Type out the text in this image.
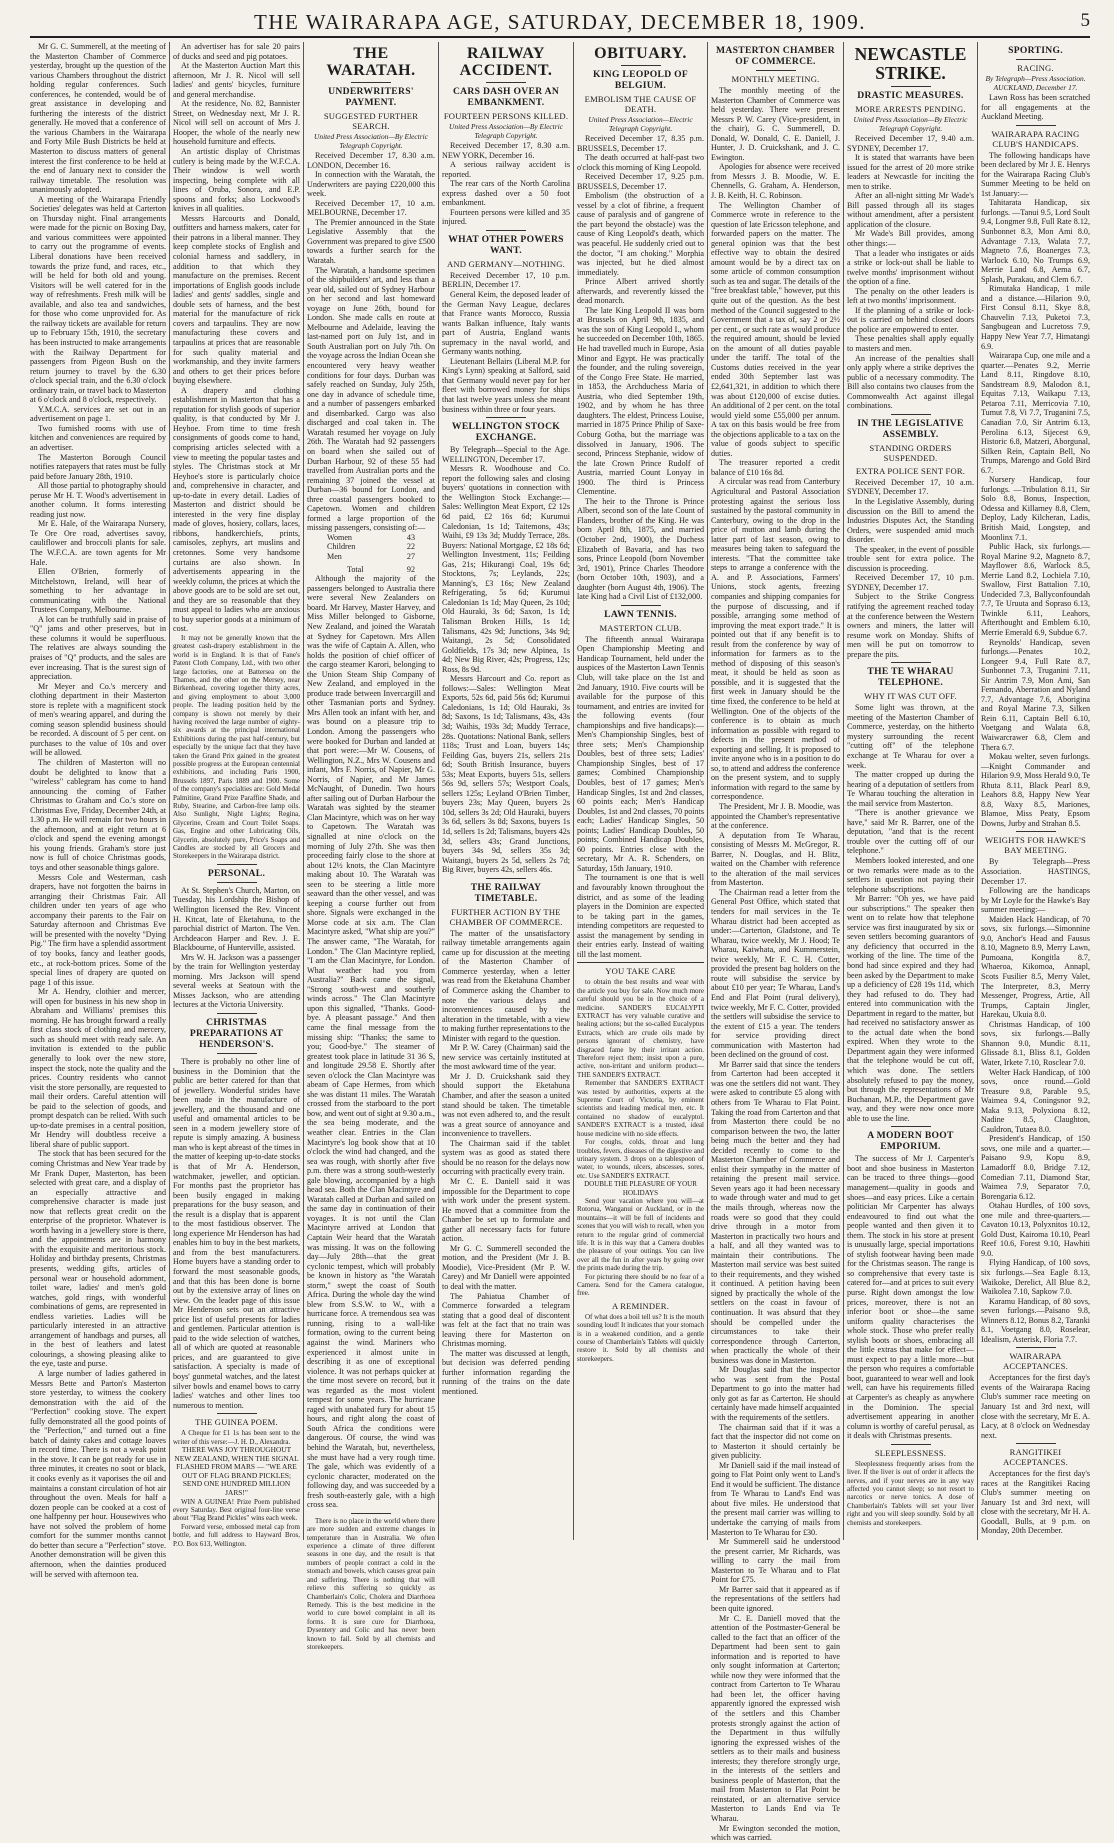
THE WAIRARAPA AGE, SATURDAY, DECEMBER 18, 1909.	5

Mr G. C. Summerell, at the meeting of the Masterton Chamber of Commerce yesterday, brought up the question of the various Chambers throughout the district holding regular conferences. Such conferences, he contended, would be of great assistance in developing and furthering the interests of the district generally. He moved that a conference of the various Chambers in the Wairarapa and Forty Mile Bush Districts be held at Masterton to discuss matters of general interest the first conference to be held at the end of January next to consider the railway timetable. The resolution was unanimously adopted.

A meeting of the Wairarapa Friendly Societies' delegates was held at Carterton on Thursday night. Final arrangements were made for the picnic on Boxing Day, and various committees were appointed to carry out the programme of events. Liberal donations have been received towards the prize fund, and races, etc., will be held for both old and young. Visitors will be well catered for in the way of refreshments. Fresh milk will be available, and also tea and sandwiches, for those who come unprovided for. As the railway tickets are available for return up to February 15th, 1910, the secretary has been instructed to make arrangements with the Railway Department for passengers from Pigeon Bush on the return journey to travel by the 6.30 o'clock special train, and the 6.30 o'clock ordinary train, or travel back to Masterton at 6 o'clock and 8 o'clock, respectively.

Y.M.C.A. services are set out in an advertisement on page 1.

Two furnished rooms with use of kitchen and conveniences are required by an advertiser.

The Masterton Borough Council notifies ratepayers that rates must be fully paid before January 28th, 1910.

All those partial to photography should peruse Mr H. T. Wood's advertisement in another column. It forms interesting reading just now.

Mr E. Hale, of the Wairarapa Nursery, Te Ore Ore road, advertises savoy, cauliflower and broccoli plants for sale. The W.F.C.A. are town agents for Mr Hale.

Ellen O'Brien, formerly of Mitchelstown, Ireland, will hear of something to her advantage in communicating with the National Trustees Company, Melbourne.

A lot can be truthfully said in praise of "Q" jams and other preserves, but in these columns it would be superfluous. The relatives are always sounding the praises of "Q" products, and the sales are ever increasing. That is the surest sign of appreciation.

Mr Meyer and Co.'s mercery and clothing department in their Masterton store is replete with a magnificent stock of men's wearing apparel, and during the coming season splendid business should be recorded. A discount of 5 per cent. on purchases to the value of 10s and over will be allowed.

The children of Masterton will no doubt be delighted to know that a "wireless" cablegram has come to hand announcing the coming of Father Christmas to Graham and Co.'s store on Christmas Eve, Friday, December 24th, at 1.30 p.m. He will remain for two hours in the afternoon, and at eight return at 6 o'clock and spend the evening amongst his young friends. Graham's store just now is full of choice Christmas goods, toys and other seasonable things galore.

Messrs Cole and Westerman, cash drapers, have not forgotten the bairns in arranging their Christmas Fair. All children under ten years of age who accompany their parents to the Fair on Saturday afternoon and Christmas Eve will be presented with the novelty "Dying Pig." The firm have a splendid assortment of toy books, fancy and leather goods, etc., at rock-bottom prices. Some of the special lines of drapery are quoted on page 1 of this issue.

Mr A. Hendry, clothier and mercer, will open for business in his new shop in Abraham and Williams' premises this morning. He has brought forward a really first class stock of clothing and mercery, such as should meet with ready sale. An invitation is extended to the public generally to look over the new store, inspect the stock, note the quality and the prices. Country residents who cannot visit the store personally, are requested to mail their orders. Careful attention will be paid to the selection of goods, and prompt despatch can be relied. With such up-to-date premises in a central position, Mr Hendry will doubtless receive a liberal share of public support.

The stock that has been secured for the coming Christmas and New Year trade by Mr Frank Duper, Masterton, has been selected with great care, and a display of an especially attractive and comprehensive character is made just now that reflects great credit on the enterprise of the proprietor. Whatever is worth having in a jewellery store is there, and the appointments are in harmony with the exquisite and meritorious stock. Holiday and birthday presents, Christmas presents, wedding gifts, articles of personal wear or household adornment, toilet ware, ladies' and men's gold watches, gold rings, with wonderful combinations of gems, are represented in endless varieties. Ladies will be particularly interested in an attractive arrangement of handbags and purses, all in the best of leathers and latest colourings, a showing pleasing alike to the eye, taste and purse.

A large number of ladies gathered in Messrs Bette and Parton's Masterton store yesterday, to witness the cookery demonstration with the aid of the "Perfection" cooking stove. The expert fully demonstrated all the good points of the "Perfection," and turned out a fine batch of dainty cakes and cottage loaves in record time. There is not a weak point in the stove. It can be got ready for use in three minutes, it creates no soot or black, it cooks evenly as it vaporises the oil and maintains a constant circulation of hot air throughout the oven. Meals for half a dozen people can be cooked at a cost of one halfpenny per hour. Housewives who have not solved the problem of home comfort for the summer months cannot do better than secure a "Perfection" stove. Another demonstration will be given this afternoon, when the dainties produced will be served with afternoon tea.

An advertiser has for sale 20 pairs of ducks and seed and pig potatoes.

At the Masterton Auction Mart this afternoon, Mr J. R. Nicol will sell ladies' and gents' bicycles, furniture and general merchandise.

At the residence, No. 82, Bannister Street, on Wednesday next, Mr J. R. Nicol will sell on account of Mrs J. Hooper, the whole of the nearly new household furniture and effects.

An artistic display of Christmas cutlery is being made by the W.F.C.A. Their window is well worth inspecting, being complete with all lines of Oruba, Sonora, and E.P. spoons and forks; also Lockwood's knives in all qualities.

Messrs Harcourts and Donald, outfitters and harness makers, cater for their patrons in a liberal manner. They keep complete stocks of English and colonial harness and saddlery, in addition to that which they manufacture on the premises. Recent importations of English goods include ladies' and gents' saddles, single and double sets of harness, and the best material for the manufacture of rick covers and tarpaulins. They are now manufacturing these covers and tarpaulins at prices that are reasonable for such quality material and workmanship, and they invite farmers and others to get their prices before buying elsewhere.

A drapery and clothing establishment in Masterton that has a reputation for stylish goods of superior quality, is that conducted by Mr J. Heyhoe. From time to time fresh consignments of goods come to hand, comprising articles selected with a view to meeting the popular tastes and styles. The Christmas stock at Mr Heyhoe's store is particularly choice and, comprehensive in character, and up-to-date in every detail. Ladies of Masterton and district should be interested in the very fine display made of gloves, hosiery, collars, laces, ribbons, handkerchiefs, prints, camisoles, zephyrs, art muslins and cretonnes. Some very handsome curtains are also shown. In advertisements appearing in the weekly column, the prices at which the above goods are to be sold are set out, and they are so reasonable that they must appeal to ladies who are anxious to buy superior goods at a minimum of cost.

It may not be generally known that the greatest cash-drapery establishment in the world is in England. It is that of Fane's Patent Cloth Company, Ltd., with two other large factories, one at Battersea on the Thames, and the other on the Mersey, near Birkenhead, covering together thirty acres, and giving employment to about 3,000 people. The leading position held by the company is shown not merely by their having received the large number of eighty-six awards at the principal international Exhibitions during the past half-century, but especially by the unique fact that they have taken the Grand Prix gained in the greatest possible progress at the European centennial exhibitions, and including Paris 1900, Brussels 1897, Paris 1889 and 1900. Some of the company's specialties are: Gold Medal Palmitine, Grand Prize Paraffine Shade, and Ruby, Stearine, and Carbon-free lamp oils. Also Sunlight, Night Lights; Regina, Glycerine, Cream and Court Toilet Soaps. Gas, Engine and other Lubricating Oils, Glycerin, absolutely pure, Price's Soaps and Candles are stocked by all Grocers and Storekeepers in the Wairarapa district.

PERSONAL.

At St. Stephen's Church, Marton, on Tuesday, his Lordship the Bishop of Wellington licensed the Rev. Vincent H. Kitcat, late of Eketahuna, to the parochial district of Marton. The Ven. Archdeacon Harper and Rev. J. E. Blackbourne, of Hunterville, assisted.

Mrs W. H. Jackson was a passenger by the train for Wellington yesterday morning. Mrs Jackson will spend several weeks at Seatoun with the Misses Jackson, who are attending lectures at the Victoria University.

CHRISTMAS PREPARATIONS AT HENDERSON'S.

There is probably no other line of business in the Dominion that the public are better catered for than that of jewellery. Wonderful strides have been made in the manufacture of jewellery, and the thousand and one useful and ornamental articles to be seen in a modern jewellery store of repute is simply amazing. A business man who is kept abreast of the times in the matter of keeping up-to-date stocks is that of Mr A. Henderson, watchmaker, jeweller, and optician. For months past the proprietor has been busily engaged in making preparations for the busy season, and the result is a display that is apparent to the most fastidious observer. The long experience Mr Henderson has had enables him to buy in the best markets, and from the best manufacturers. Home buyers have a standing order to forward the most seasonable goods, and that this has been done is borne out by the extensive array of lines on view. On the leader page of this issue Mr Henderson sets out an attractive price list of useful presents for ladies and gentlemen. Particular attention is paid to the wide selection of watches, all of which are quoted at reasonable prices, and are guaranteed to give satisfaction. A specialty is made of boys' gunmetal watches, and the latest silver bowls and enamel bows to carry ladies' watches and other lines too numerous to mention.

THE GUINEA POEM.

A Cheque for £1 1s has been sent to the writer of this verse:—J. H. D., Alexandra.

THERE WAS JOY THROUGHOUT NEW ZEALAND, WHEN THE SIGNAL FLASHED FROM MARS — "WE ARE OUT OF FLAG BRAND PICKLES; SEND ONE HUNDRED MILLION JARS!"

WIN A GUINEA! Prize Poem published every Saturday. Best original four-line verse about "Flag Brand Pickles" wins each week.

Forward verse, embossed metal cap from bottle, and full address to Hayward Bros, P.O. Box 613, Wellington.

THE WARATAH.
UNDERWRITERS' PAYMENT.
SUGGESTED FURTHER SEARCH.
United Press Association—By Electric Telegraph Copyright.

Received December 17, 8.30 a.m. LONDON, December 16.

In connection with the Waratah, the Underwriters are paying £220,000 this week.

Received December 17, 10 a.m. MELBOURNE, December 17.

The Premier announced in the State Legislative Assembly that the Government was prepared to give £500 towards a further search for the Waratah.

The Waratah, a handsome specimen of the shipbuilders' art, and less than a year old, sailed out of Sydney Harbour on her second and last homeward voyage on June 26th, bound for London. She made calls en route at Melbourne and Adelaide, leaving the last-named port on July 1st, and in South Australian port on July 7th. On the voyage across the Indian Ocean she encountered very heavy weather conditions for four days. Durban was safely reached on Sunday, July 25th, one day in advance of schedule time, and a number of passengers embarked and disembarked. Cargo was also discharged and coal taken in. The Waratah resumed her voyage on July 26th. The Waratah had 92 passengers on board when she sailed out of Durban Harbour, 92 of these 55 had travelled from Australian ports and the remaining 37 joined the vessel at Durban—36 bound for London, and three coastal passengers booked to Capetown. Women and children formed a large proportion of the missing passengers, consisting of:—

Women	43
Children	22
Men	27
Total	92

Although the majority of the passengers belonged to Australia there were several New Zealanders on board. Mr Harvey, Master Harvey, and Miss Miller belonged to Gisborne, New Zealand, and joined the Waratah at Sydney for Capetown. Mrs Allen was the wife of Captain A. Allen, who holds the position of chief officer of the cargo steamer Karori, belonging to the Union Steam Ship Company of New Zealand, and employed in the produce trade between Invercargill and other Tasmanian ports and Sydney. Mrs Allen took an infant with her, and was bound on a pleasure trip to London. Among the passengers who were booked for Durban and landed at that port were:—Mr W. Cousens, of Wellington, N.Z., Mrs W. Cousens and infant, Mrs F. Norris, of Napier, Mr G. Norris, of Napier, and Mr James McNaught, of Dunedin. Two hours after sailing out of Durban Harbour the Waratah was sighted by the steamer Clan Macintyre, which was on her way to Capetown. The Waratah was signalled at nine o'clock on the morning of July 27th. She was then proceeding fairly close to the shore at about 12½ knots, the Clan Macintyre making about 10. The Waratah was seen to be steering a little more seaward than the other vessel, and was keeping a course further out from shore. Signals were exchanged in the Morse code at six a.m. The Clan Macintyre asked, "What ship are you?" The answer came, "The Waratah, for London." The Clan Macintyre replied, "I am the Clan Macintyre, for London. What weather had you from Australia?" Back came the signal, "Strong south-west and southerly winds across." The Clan Macintyre upon this signalled, "Thanks. Good-bye. A pleasant passage." And then came the final message from the missing ship: "Thanks; the same to you; Good-bye." The steamer of greatest took place in latitude 31 36 S, and longitude 29.58 E. Shortly after seven o'clock the Clan Macintyre was abeam of Cape Hermes, from which she was distant 11 miles. The Waratah crossed from the starboard to the port bow, and went out of sight at 9.30 a.m., the sea being moderate, and the weather clear. Entries in the Clan Macintyre's log book show that at 10 o'clock the wind had changed, and the sea was rough, with shortly after five p.m. there was a strong south-westerly gale blowing, accompanied by a high head sea. Both the Clan Macintyre and Waratah called at Durban and sailed on the same day in continuation of their voyages. It is not until the Clan Macintyre arrived at London that Captain Weir heard that the Waratah was missing. It was on the following day—July 28th—that the great cyclonic tempest, which will probably be known in history as "the Waratah storm," swept the coast of South Africa. During the whole day the wind blew from S.S.W. to W., with a hurricane force. A tremendous sea was running, rising to a wall-like formation, owing to the current being against the wind. Mariners who experienced it almost unite in describing it as one of exceptional violence. It was not perhaps quicker at the time most severe on record, but it was regarded as the most violent tempest for some years. The hurricane raged with unabated fury for about 15 hours, and right along the coast of South Africa the conditions were dangerous. Of course, the wind was behind the Waratah, but, nevertheless, she must have had a very rough time. The gale, which was evidently of a cyclonic character, moderated on the following day, and was succeeded by a fresh south-easterly gale, with a high cross sea.

There is no place in the world where there are more sudden and extreme changes in temperature than in Australia. We often experience a climate of three different seasons in one day, and the result is that numbers of people contract a cold in the stomach and bowels, which causes great pain and suffering. There is nothing that will relieve this suffering so quickly as Chamberlain's Colic, Cholera and Diarrhoea Remedy. This is the best medicine in the world to cure bowel complaint in all its forms. It is sure cure for Diarrhoea, Dysentery and Colic and has never been known to fail. Sold by all chemists and storekeepers.

RAILWAY ACCIDENT.
CARS DASH OVER AN EMBANKMENT.
FOURTEEN PERSONS KILLED.
United Press Association—By Electric Telegraph Copyright.

Received December 17, 8.30 a.m. NEW YORK, December 16.

A serious railway accident is reported.

The rear cars of the North Carolina express dashed over a 50 foot embankment.

Fourteen persons were killed and 35 injured.

WHAT OTHER POWERS WANT.
AND GERMANY—NOTHING.

Received December 17, 10 p.m. BERLIN, December 17.

General Keim, the deposed leader of the German Navy League, declares that France wants Morocco, Russia wants Balkan influence, Italy wants part of Austria, England wants supremacy in the naval world, and Germany wants nothing.

Lieutenant Bellairs (Liberal M.P. for King's Lynn) speaking at Salford, said that Germany would never pay for her fleet with borrowed money for ships that last twelve years unless she meant business within three or four years.

WELLINGTON STOCK EXCHANGE.

By Telegraph—Special to the Age. WELLINGTON, December 17.

Messrs R. Woodhouse and Co. report the following sales and closing buyers' quotations in connection with the Wellington Stock Exchange:—Sales: Wellington Meat Export, £2 12s 6d paid, £2 16s 6d; Kurumui Caledonian, 1s 1d; Taitemons, 43s; Waihi, £9 13s 3d; Muddy Terrace, 28s. Buyers: National Mortgage, £2 18s 6d; Wellington Investment, 11s; Feilding Gas, 21s; Hikurangi Coal, 19s 6d; Stocktons, 7s; Leylands, 22s; Manning's, £3 16s; New Zealand Refrigerating, 5s 6d; Kurumui Caledonian 1s 1d; May Queen, 2s 10d; Old Hauraki, 3s 6d; Saxon, 1s 1d; Talisman Broken Hills, 1s 1d; Talismans, 42s 9d; Junctions, 34s 9d; Waitangi, 2s 5d; Consolidated Goldfields, 17s 3d; new Alpinea, 1s 4d; New Big River, 42s; Progress, 12s; Ross, 8s 9d.

Messrs Harcourt and Co. report as follows:—Sales: Wellington Meat Exports, 52s 6d, paid 56s 6d; Kurumui Caledonians, 1s 1d; Old Hauraki, 3s 8d; Saxons, 1s 1d; Talismans, 43s, 43s 3d; Waihis, 193s 3d; Muddy Terrace, 28s. Quotations: National Bank, sellers 118s; Trust and Loan, buyers 14s; Feilding Gas, buyers 21s, sellers 21s 6d; South British Insurance, buyers 53s; Meat Exports, buyers 51s, sellers 56s 9d, sellers 57s; Westport Coals, sellers 125s; Leyland O'Brien Timber, buyers 23s; May Queen, buyers 2s 10d, sellers 3s 2d; Old Hauraki, buyers 3s 6d, sellers 3s 8d; Saxons, buyers 1s 1d, sellers 1s 2d; Talismans, buyers 42s 3d, sellers 43s; Grand Junctions, buyers 34s 9d, sellers 35s 3d; Waitangi, buyers 2s 5d, sellers 2s 7d; Big River, buyers 42s, sellers 46s.

THE RAILWAY TIMETABLE.
FURTHER ACTION BY THE CHAMBER OF COMMERCE.

The matter of the unsatisfactory railway timetable arrangements again came up for discussion at the meeting of the Masterton Chamber of Commerce yesterday, when a letter was read from the Eketahuna Chamber of Commerce asking the Chamber to note the various delays and inconveniences caused by the alteration in the timetable, with a view to making further representations to the Minister with regard to the question.

Mr P. W. Carey (Chairman) said the new service was certainly instituted at the most awkward time of the year.

Mr J. D. Cruickshank said they should support the Eketahuna Chamber, and after the season a united stand should be taken. The timetable was not even adhered to, and the result was a great source of annoyance and inconvenience to travellers.

The Chairman said if the tablet system was as good as stated there should be no reason for the delays now occurring with practically every train.

Mr C. E. Daniell said it was impossible for the Department to cope with work under the present system. He moved that a committee from the Chamber be set up to formulate and gather all necessary facts for future action.

Mr G. C. Summerell seconded the motion, and the President (Mr J. B. Moodie), Vice-President (Mr P. W. Carey) and Mr Daniell were appointed to deal with the matter.

The Pahiatua Chamber of Commerce forwarded a telegram stating that a good deal of discontent was felt at the fact that no train was leaving there for Masterton on Christmas morning.

The matter was discussed at length, but decision was deferred pending further information regarding the running of the trains on the date mentioned.

OBITUARY.
KING LEOPOLD OF BELGIUM.
EMBOLISM THE CAUSE OF DEATH.
United Press Association—Electric Telegraph Copyright.

Received December 17, 8.35 p.m. BRUSSELS, December 17.

The death occurred at half-past two o'clock this morning of King Leopold.

Received December 17, 9.25 p.m. BRUSSELS, December 17.

Embolism (the obstruction of a vessel by a clot of fibrine, a frequent cause of paralysis and of gangrene of the part beyond the obstacle) was the cause of King Leopold's death, which was peaceful. He suddenly cried out to the doctor, "I am choking." Morphia was injected, but he died almost immediately.

Prince Albert arrived shortly afterwards, and reverently kissed the dead monarch.

The late King Leopold II was born at Brussels on April 9th, 1835, and was the son of King Leopold I., whom he succeeded on December 10th, 1865. He had travelled much in Europe, Asia Minor and Egypt. He was practically the founder, and the ruling sovereign, of the Congo Free State. He married, in 1853, the Archduchess Maria of Austria, who died September 19th, 1902, and by whom he has three daughters. The eldest, Princess Louise, married in 1875 Prince Philip of Saxe-Coburg Gotha, but the marriage was dissolved in January, 1906. The second, Princess Stephanie, widow of the late Crown Prince Rudolf of Austria, married Count Lonyay in 1900. The third is Princess Clementine.

The heir to the Throne is Prince Albert, second son of the late Count of Flanders, brother of the King. He was born April 8th, 1875, and married (October 2nd, 1900), the Duchess Elizabeth of Bavaria, and has two sons, Prince Leopold (born November 3rd, 1901), Prince Charles Theodore (born October 10th, 1903), and a daughter (born August 4th, 1906). The late King had a Civil List of £132,000.

LAWN TENNIS.
MASTERTON CLUB.

The fifteenth annual Wairarapa Open Championship Meeting and Handicap Tournament, held under the auspices of the Masterton Lawn Tennis Club, will take place on the 1st and 2nd January, 1910. Five courts will be available for the purpose of this tournament, and entries are invited for the following events (four championships and five handicaps):—Men's Championship Singles, best of three sets; Men's Championship Doubles, best of three sets; Ladies' Championship Singles, best of 17 games; Combined Championship Doubles, best of 17 games; Men's Handicap Singles, 1st and 2nd classes, 60 points each; Men's Handicap Doubles, 1st and 2nd classes, 70 points each; Ladies' Handicap Singles, 50 points; Ladies' Handicap Doubles, 50 points; Combined Handicap Doubles, 60 points. Entries close with the secretary, Mr A. R. Schenders, on Saturday, 15th January, 1910.

The tournament is one that is well and favourably known throughout the district, and as some of the leading players in the Dominion are expected to be taking part in the games, intending competitors are requested to assist the management by sending in their entries early. Instead of waiting till the last moment.

YOU TAKE CARE

to obtain the best results and wear with the article you buy for sale. Now much more careful should you be in the choice of a medicine. SANDER'S EUCALYPTI EXTRACT has very valuable curative and healing actions; but the so-called Eucalyptus Extracts, which are crude oils made by persons ignorant of chemistry, have disgraced fame by their irritant action. Therefore reject them; insist upon a pure, active, non-irritant and uniform product—THE SANDER'S EXTRACT.

Remember that SANDER'S EXTRACT was tested by authorities, experts at the Supreme Court of Victoria, by eminent scientists and leading medical men, etc. It contained no shadow of eucalyptol. SANDER'S EXTRACT is a trusted, ideal house medicine with no side effects.

For coughs, colds, throat and lung troubles, fevers, diseases of the digestive and urinary system. 3 drops on a tablespoon of water, to wounds, ulcers, abscesses, sores, etc. Use SANDER'S EXTRACT.

DOUBLE THE PLEASURE OF YOUR HOLIDAYS

Send your vacation where you will—at Rotorua, Wanganui or Auckland, or in the mountains—it will be full of incidents and scenes that you will wish to recall, when you return to the regular grind of commercial life. It is in this way that a Camera doubles the pleasure of your outings. You can live over all the fun in after years by going over the prints made during the trip.

For picturing there should be no fear of a Camera. Send for the Camera catalogue, free.

A REMINDER.

Of what does a boil tell us? It is the mouth sounding loud! It indicates that your stomach is in a weakened condition, and a gentle course of Chamberlain's Tablets will quickly restore it. Sold by all chemists and storekeepers.

MASTERTON CHAMBER OF COMMERCE.
MONTHLY MEETING.

The monthly meeting of the Masterton Chamber of Commerce was held yesterday. There were present Messrs P. W. Carey (Vice-president, in the chair), G. C. Summerell, D. Donald, W. Donald, C. E. Daniell, J. Hunter, J. D. Cruickshank, and J. C. Ewington.

Apologies for absence were received from Messrs J. B. Moodie, W. E. Chennells, G. Graham, A. Henderson, J. B. Keith, H. C. Robinson.

The Wellington Chamber of Commerce wrote in reference to the question of late Ericsson telephone, and forwarded papers on the matter. The general opinion was that the best effective way to obtain the desired amount would be by a direct tax on some article of common consumption such as tea and sugar. The details of the "free breakfast table," however, put this quite out of the question. As the best method of the Council suggested to the Government that a tax of, say 2 or 2½ per cent., or such rate as would produce the required amount, should be levied on the amount of all duties payable under the tariff. The total of the Customs duties received in the year ended 30th September last was £2,641,321, in addition to which there was about £120,000 of excise duties. An additional of 2 per cent. on the total would yield some £55,000 per annum. A tax on this basis would be free from the objections applicable to a tax on the value of goods subject to specific duties.

The treasurer reported a credit balance of £10 16s 8d.

A circular was read from Canterbury Agricultural and Pastoral Association protesting against the serious loss sustained by the pastoral community in Canterbury, owing to the drop in the price of mutton and lamb during the latter part of last season, owing to measures being taken to safeguard the interests. "That the committee take steps to arrange a conference with the A. and P. Associations, Farmers' Unions, stock agents, freezing companies and shipping companies for the purpose of discussing, and if possible, arranging some method of improving the meat export trade." It is pointed out that if any benefit is to result from the conference by way of information for farmers as to the method of disposing of this season's meat, it should be held as soon as possible, and it is suggested that the first week in January should be the time fixed, the conference to be held at Wellington. One of the objects of the conference is to obtain as much information as possible with regard to defects in the present method of exporting and selling. It is proposed to invite anyone who is in a position to do so, to attend and address the conference on the present system, and to supply information with regard to the same by correspondence.

The President, Mr J. B. Moodie, was appointed the Chamber's representative at the conference.

A deputation from Te Wharau, consisting of Messrs M. McGregor, R. Barrer, N. Douglas, and H. Blitz, waited on the Chamber with reference to the alteration of the mail services from Masterton.

The Chairman read a letter from the General Post Office, which stated that tenders for mail services in the Te Wharau district had been accepted as under:—Carterton, Gladstone, and Te Wharau, twice weekly, Mr J. Hood; Te Wharau, Kaiwhata, and Kummerstein, twice weekly, Mr F. C. H. Cotter, provided the present bag holders on the route will subsidise the service by about £10 per year; Te Wharau, Land's End and Flat Point (rural delivery), twice weekly, Mr F. C. Cotter, provided the settlers will subsidise the service to the extent of £15 a year. The tenders for service providing direct communication with Masterton had been declined on the ground of cost.

Mr Barrer said that since the tenders from Carterton had been accepted it was one the settlers did not want. They were asked to contribute £5 along with others from Te Wharau to Flat Point. Taking the road from Carterton and that from Masterton there could be no comparison between the two, the latter being much the better and they had decided recently to come to the Masterton Chamber of Commerce and enlist their sympathy in the matter of retaining the present mail service. Seven years ago it had been necessary to wade through water and mud to get the mails through, whereas now the roads were so good that they could drive through in a motor from Masterton in practically two hours and a half, and all they wanted was to maintain their contributions. The Masterton mail service was best suited to their requirements, and they wished it continued. A petition having been signed by practically the whole of the settlers on the coast in favour of continuation. It was absurd that they should be compelled under the circumstances to take their correspondence through Carterton, when practically the whole of their business was done in Masterton.

Mr Douglas said that the inspector who was sent from the Postal Department to go into the matter had only got as far as Carterton. He should certainly have made himself acquainted with the requirements of the settlers.

The chairman said that if it was a fact that the inspector did not come on to Masterton it should certainly be given publicity.

Mr Daniell said if the mail instead of going to Flat Point only went to Land's End it would be sufficient. The distance from Te Wharau to Land's End was about five miles. He understood that the present mail carrier was willing to undertake the carrying of mails from Masterton to Te Wharau for £30.

Mr Summerell said he understood the present carrier, Mr Richards, was willing to carry the mail from Masterton to Te Wharau and to Flat Point for £75.

Mr Barrer said that it appeared as if the representations of the settlers had been quite ignored.

Mr C. E. Daniell moved that the attention of the Postmaster-General be called to the fact that an officer of the Department had been sent to gain information and is reported to have only sought information at Carterton; while now they were informed that the contract from Carterton to Te Wharau had been let, the officer having apparently ignored the expressed wish of the settlers and this Chamber protests strongly against the action of the Department in thus wilfully ignoring the expressed wishes of the settlers as to their mails and business interests; they therefore strongly urge, in the interests of the settlers and business people of Masterton, that the mail from Masterton to Flat Point be reinstated, or an alternative service Masterton to Lands End via Te Wharau.

Mr Ewington seconded the motion, which was carried.

NEWCASTLE STRIKE.
DRASTIC MEASURES.
MORE ARRESTS PENDING.
United Press Association—By Electric Telegraph Copyright.

Received December 17, 9.40 a.m. SYDNEY, December 17.

It is stated that warrants have been issued for the arrest of 20 more strike leaders at Newcastle for inciting the men to strike.

After an all-night sitting Mr Wade's Bill passed through all its stages without amendment, after a persistent application of the closure.

Mr Wade's Bill provides, among other things:—

That a leader who instigates or aids a strike or lock-out shall be liable to twelve months' imprisonment without the option of a fine.

The penalty on the other leaders is left at two months' imprisonment.

If the planning of a strike or lock-out is carried on behind closed doors the police are empowered to enter.

These penalties shall apply equally to masters and men.

An increase of the penalties shall only apply where a strike deprives the public of a necessary commodity. The Bill also contains two clauses from the Commonwealth Act against illegal combinations.

IN THE LEGISLATIVE ASSEMBLY.
STANDING ORDERS SUSPENDED.
EXTRA POLICE SENT FOR.

Received December 17, 10 a.m. SYDNEY, December 17.

In the Legislative Assembly, during discussion on the Bill to amend the Industries Disputes Act, the Standing Orders, were suspended amid much disorder.

The speaker, in the event of possible trouble sent for extra police. The discussion is proceeding.

Received December 17, 10 p.m. SYDNEY, December 17.

Subject to the Strike Congress ratifying the agreement reached today at the conference between the Western owners and miners, the latter will resume work on Monday. Shifts of men will be put on tomorrow to prepare the pits.

THE TE WHARAU TELEPHONE.
WHY IT WAS CUT OFF.

Some light was thrown, at the meeting of the Masterton Chamber of Commerce, yesterday, on the hitherto mystery surrounding the recent "cutting off" of the telephone exchange at Te Wharau for over a week.

The matter cropped up during the hearing of a deputation of settlers from Te Wharau touching the alteration in the mail service from Masterton.

"There is another grievance we have," said Mr R. Barrer, one of the deputation, "and that is the recent trouble over the cutting off of our telephone."

Members looked interested, and one or two remarks were made as to the settlers in question not paying their telephone subscriptions.

Mr Barrer: "Oh yes, we have paid our subscriptions." The speaker then went on to relate how that telephone service was first inaugurated by six or seven settlers becoming guarantors of any deficiency that occurred in the working of the line. The time of the bond had since expired and they had been asked by the Department to make up a deficiency of £28 19s 11d, which they had refused to do. They had entered into communication with the Department in regard to the matter, but had received no satisfactory answer as to the actual date when the bond expired. When they wrote to the Department again they were informed that the telephone would be cut off, which was done. The settlers absolutely refused to pay the money, but through the representations of Mr Buchanan, M.P., the Department gave way, and they were now once more able to use the line.

A MODERN BOOT EMPORIUM.

The success of Mr J. Carpenter's boot and shoe business in Masterton can be traced to three things—good management—quality in goods and shoes—and easy prices. Like a certain politician Mr Carpenter has always endeavoured to find out what the people wanted and then given it to them. The stock in his store at present is unusually large, special importations of stylish footwear having been made for the Christmas season. The range is so comprehensive that every taste is catered for—and at prices to suit every purse. Right down amongst the low prices, moreover, there is not an inferior boot or shoe—the same uniform quality characterises the whole stock. Those who prefer really stylish boots or shoes, embracing all the little extras that make for effect—must expect to pay a little more—but the person who requires a comfortable boot, guaranteed to wear well and look well, can have his requirements filled at Carpenter's as cheaply as anywhere in the Dominion. The special advertisement appearing in another column is worthy of careful perusal, as it deals with Christmas presents.

SLEEPLESSNESS.

Sleeplessness frequently arises from the liver. If the liver is out of order it affects the nerves, and if your nerves are in any way affected you cannot sleep; so not resort to narcotics or nerve tonics. A dose of Chamberlain's Tablets will set your liver right and you will sleep soundly. Sold by all chemists and storekeepers.

SPORTING.
RACING.
By Telegraph—Press Association. AUCKLAND, December 17.

Lawn Ross has been scratched for all engagements at the Auckland Meeting.

WAIRARAPA RACING CLUB'S HANDICAPS.

The following handicaps have been declared by Mr J. E. Henrys for the Wairarapa Racing Club's Summer Meeting to be held on 1st January:—

Tahitarata Handicap, six furlongs. —Tanui 9.5, Lord Soult 9.4, Longmer 9.8, Full Rate 8.12, Sunbonnet 8.3, Mon Ami 8.0, Advantage 7.13, Walata 7.7, Magneto 7.6, Boanerges 7.3, Warlock 6.10, No Trumps 6.9, Merrie Land 6.8, Aema 6.7, Splash, Purakau, and Clem 6.7.

Rimutaka Handicap, 1 mile and a distance.—Hilarion 9.0, First Consul 8.11, Skye 8.8, Chauvelin 7.13, Puketoi 7.3, Sangbugean and Lucretoss 7.9, Happy New Year 7.7, Himatangi 6.9.

Wairarapa Cup, one mile and a quarter.—Penates 9.2, Merrie Land 8.11, Ringdove 8.10, Sandstream 8.9, Malodon 8.1, Equitas 7.13, Waikapu 7.13, Petaroa 7.11, Merricovia 7.10, Tumut 7.8, Vi 7.7, Truganini 7.5, Canadian 7.0, Sir Antrim 6.13, Perolina 6.13, Sijecest 6.9, Historic 6.8, Matzeri, Aborgunal, Silken Rein, Captain Bell, No Trumps, Marengo and Gold Bird 6.7.

Nursery Handicap, four furlongs. —Tribulation 8.11, Sir Solo 8.8, Bonus, Inspection, Odessa and Killarney 8.8, Clem, Deploy, Lady Kilcheran, Ladis, British Maid, Longstep, and Moonlinx 7.1.

Public Hack, six furlongs.—Royal Marine 9.2, Magneto 8.7, Mayflower 8.6, Warlock 8.5, Merrie Land 8.2, Lochiela 7.10, Swallow, First Battalion 7.10, Undecided 7.3, Ballyconfoundah 7.7, Te Uruuta and Sopraso 6.13, Twinkle 6.11, Leahors, Afterthought and Emblem 6.10, Merrie Emerald 6.9, Subdue 6.7.

Reynolds' Handicap, seven furlongs.—Penates 10.2, Longeer 9.4, Full Rate 8.7, Sunbonnet 7.3, Truganini 7.11, Sir Antrim 7.9, Mon Ami, San Fernando, Aberration and Nyland 7.7, Advantage 7.6, Aborigina and Royal Marine 7.3, Silken Rein 6.11, Captain Bell 6.10, Voetgang and Walata 6.8, Waiwarcrawer 6.8, Clem and Thera 6.7.

Mokau welter, seven furlongs.—Knight Commander and Hilarion 9.9, Moss Herald 9.0, Te Rhuta 8.11, Black Pearl 8.9, Leahors 8.8, Happy New Year 8.8, Waxy 8.5, Mariones, Blamoe, Miss Peaty, Epsom Downs, Jurby and Strahan 8.5.

WEIGHTS FOR HAWKE'S BAY MEETING.

By Telegraph—Press Association. HASTINGS, December 17.

Following are the handicaps by Mr Loyle for the Hawke's Bay summer meeting:—

Maiden Hack Handicap, of 70 sovs, six furlongs.—Simonnine 9.0, Anchor's Head and Fausus 8.10, Magneto 8.9, Merry Lawn, Pumoana, Kongitla 8.7, Whaeroa, Kikomoa, Annapl, Scots Fusilier 8.5, Merry Valet, The Interpreter, 8.3, Merry Messenger, Progress, Artie, All Trumps, Captain Jingler, Harekau, Ukuia 8.0.

Christmas Handicap, of 100 sovs, six furlongs.—Bally Shannon 9.0, Mundic 8.11, Glissade 8.1, Bliss 8.1, Golden Water, Irkete 7.10, Rosclear 7.0.

Welter Hack Handicap, of 100 sovs, once round.—Gold Treasure 9.8, Parable 9.5, Waimea 9.4, Coningsnor 9.2, Maka 9.13, Polyxiona 8.12, Nadine 8.5, Claughton, Cauldron, Tutaea 8.0.

President's Handicap, of 150 sovs, one mile and a quarter.—Paisano 9.9, Kopu 8.9, Lamadorff 8.0, Bridge 7.12, Comedian 7.11, Diamond Star, Waimea 7.9, Separator 7.0, Borengaria 6.12.

Otahau Hurdles, of 100 sovs, one mile and three-quarters.—Cavaton 10.13, Polyxnitos 10.12, Gold Dust, Kairoma 10.10, Pearl Reef 10.6, Forest 9.10, Hawhiti 9.0.

Flying Handicap, of 100 sovs, six furlongs.—Sea Eagle 8.13, Waikoke, Derelict, All Blue 8.2, Waikolea 7.10, Sapkow 7.0.

Karamu Handicap, of 80 sovs, seven furlongs.—Paisano 9.8, Winners 8.12, Bonus 8.2, Taranki 8.1, Voetgang 8.0, Roselear, Idealism, Asterisk, Floria 7.7.

WAIRARAPA ACCEPTANCES.

Acceptances for the first day's events of the Wairarapa Racing Club's summer race meeting on January 1st and 3rd next, will close with the secretary, Mr E. A. Lacy, at 8 o'clock on Wednesday next.

RANGITIKEI ACCEPTANCES.

Acceptances for the first day's races at the Rangitikei Racing Club's summer meeting on January 1st and 3rd next, will close with the secretary, Mr H. A. Goodall, Bulls, at 9 p.m. on Monday, 20th December.
